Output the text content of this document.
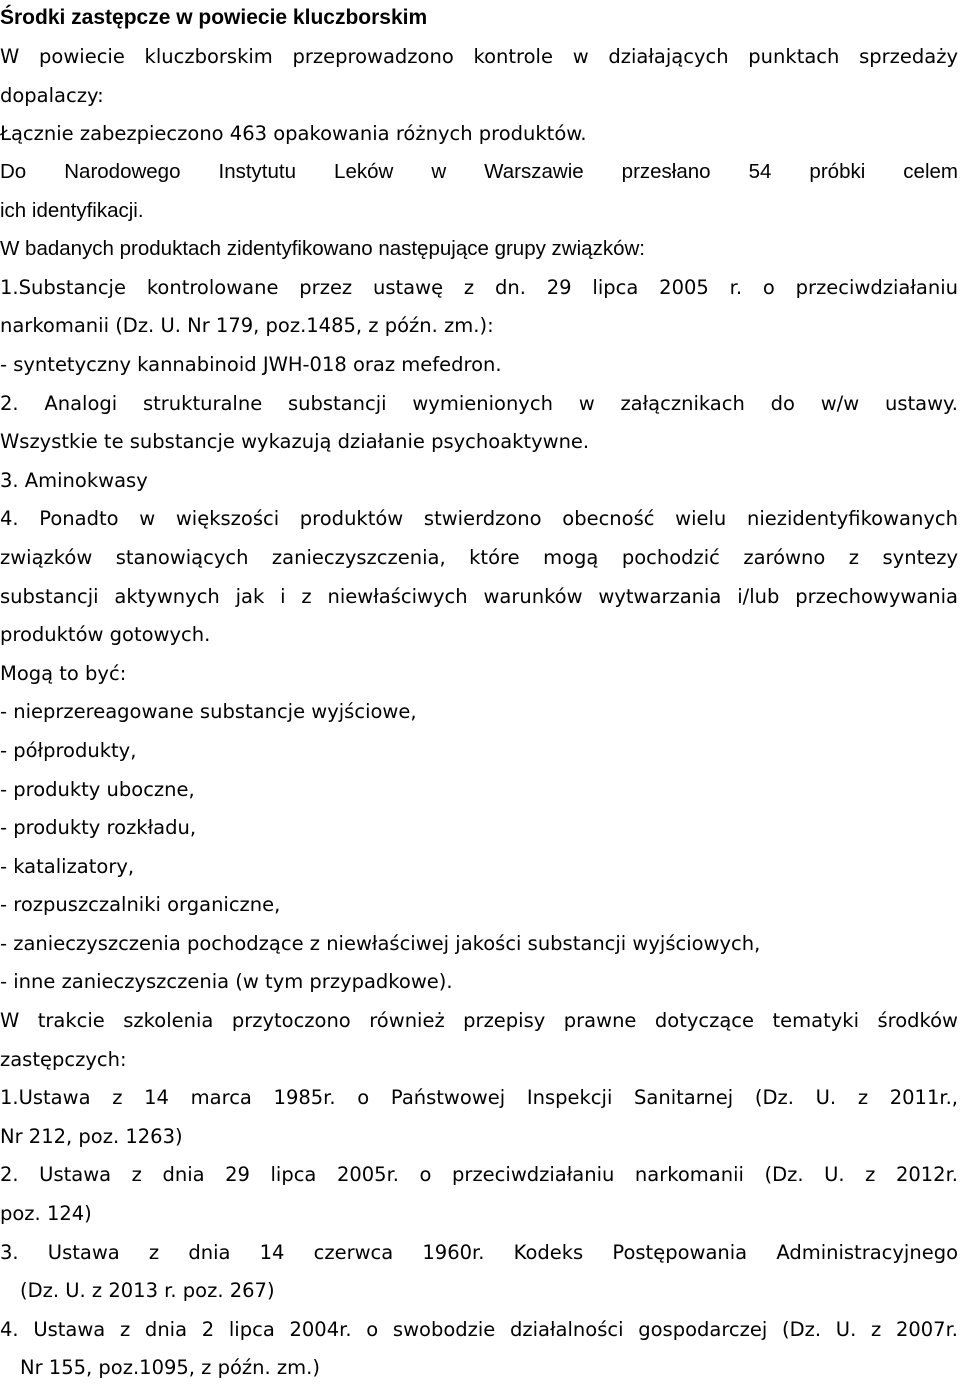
Środki zastępcze w powiecie kluczborskim
W powiecie kluczborskim przeprowadzono kontrole w działających punktach sprzedaży
dopalaczy:
Łącznie zabezpieczono 463 opakowania różnych produktów.
Do Narodowego Instytutu Leków w Warszawie przesłano 54 próbki celem
ich identyfikacji.
W badanych produktach zidentyfikowano następujące grupy związków:
1.Substancje kontrolowane przez ustawę z dn. 29 lipca 2005 r. o przeciwdziałaniu
narkomanii (Dz. U. Nr 179, poz.1485, z późn. zm.):
- syntetyczny kannabinoid JWH-018 oraz mefedron.
2. Analogi strukturalne substancji wymienionych w załącznikach do w/w ustawy.
Wszystkie te substancje wykazują działanie psychoaktywne.
3. Aminokwasy
4. Ponadto w większości produktów stwierdzono obecność wielu niezidentyfikowanych
związków stanowiących zanieczyszczenia, które mogą pochodzić zarówno z syntezy
substancji aktywnych jak i z niewłaściwych warunków wytwarzania i/lub przechowywania
produktów gotowych.
Mogą to być:
- nieprzereagowane substancje wyjściowe,
- półprodukty,
- produkty uboczne,
- produkty rozkładu,
- katalizatory,
- rozpuszczalniki organiczne,
- zanieczyszczenia pochodzące z niewłaściwej jakości substancji wyjściowych,
- inne zanieczyszczenia (w tym przypadkowe).
W trakcie szkolenia przytoczono również przepisy prawne dotyczące tematyki środków
zastępczych:
1.Ustawa z 14 marca 1985r. o Państwowej Inspekcji Sanitarnej (Dz. U. z 2011r.,
Nr 212, poz. 1263)
2. Ustawa z dnia 29 lipca 2005r. o przeciwdziałaniu narkomanii (Dz. U. z 2012r.
poz. 124)
3. Ustawa z dnia 14 czerwca 1960r. Kodeks Postępowania Administracyjnego
(Dz. U. z 2013 r. poz. 267)
4. Ustawa z dnia 2 lipca 2004r. o swobodzie działalności gospodarczej (Dz. U. z 2007r.
Nr 155, poz.1095, z późn. zm.)
